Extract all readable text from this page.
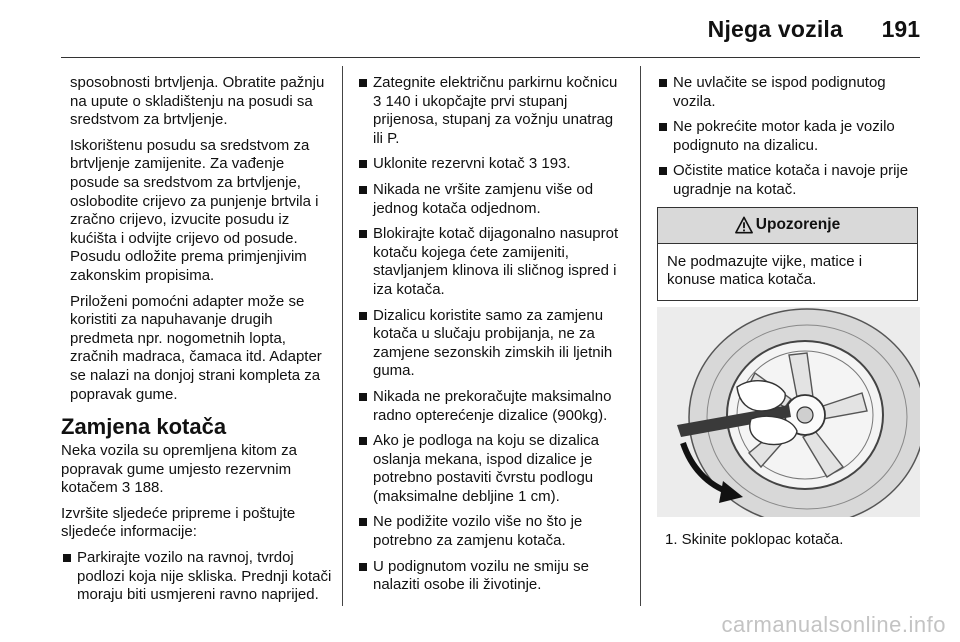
Njega vozila 191

sposobnosti brtvljenja. Obratite pažnju na upute o skladištenju na posudi sa sredstvom za brtvljenje.

Iskorištenu posudu sa sredstvom za brtvljenje zamijenite. Za vađenje posude sa sredstvom za brtvljenje, oslobodite crijevo za punjenje brtvila i zračno crijevo, izvucite posudu iz kućišta i odvijte crijevo od posude. Posudu odložite prema primjenjivim zakonskim propisima.

Priloženi pomoćni adapter može se koristiti za napuhavanje drugih predmeta npr. nogometnih lopta, zračnih madraca, čamaca itd. Adapter se nalazi na donjoj strani kompleta za popravak gume.

Zamjena kotača

Neka vozila su opremljena kitom za popravak gume umjesto rezervnim kotačem 3 188.

Izvršite sljedeće pripreme i poštujte sljedeće informacije:

Parkirajte vozilo na ravnoj, tvrdoj podlozi koja nije skliska. Prednji kotači moraju biti usmjereni ravno naprijed.
Zategnite električnu parkirnu kočnicu 3 140 i ukopčajte prvi stupanj prijenosa, stupanj za vožnju unatrag ili P.
Uklonite rezervni kotač 3 193.
Nikada ne vršite zamjenu više od jednog kotača odjednom.
Blokirajte kotač dijagonalno nasuprot kotaču kojega ćete zamijeniti, stavljanjem klinova ili sličnog ispred i iza kotača.
Dizalicu koristite samo za zamjenu kotača u slučaju probijanja, ne za zamjene sezonskih zimskih ili ljetnih guma.
Nikada ne prekoračujte maksimalno radno opterećenje dizalice (900kg).
Ako je podloga na koju se dizalica oslanja mekana, ispod dizalice je potrebno postaviti čvrstu podlogu (maksimalne debljine 1 cm).
Ne podižite vozilo više no što je potrebno za zamjenu kotača.
U podignutom vozilu ne smiju se nalaziti osobe ili životinje.
Ne uvlačite se ispod podignutog vozila.
Ne pokrećite motor kada je vozilo podignuto na dizalicu.
Očistite matice kotača i navoje prije ugradnje na kotač.
Upozorenje
Ne podmazujte vijke, matice i konuse matica kotača.

1. Skinite poklopac kotača.

carmanualsonline.info
